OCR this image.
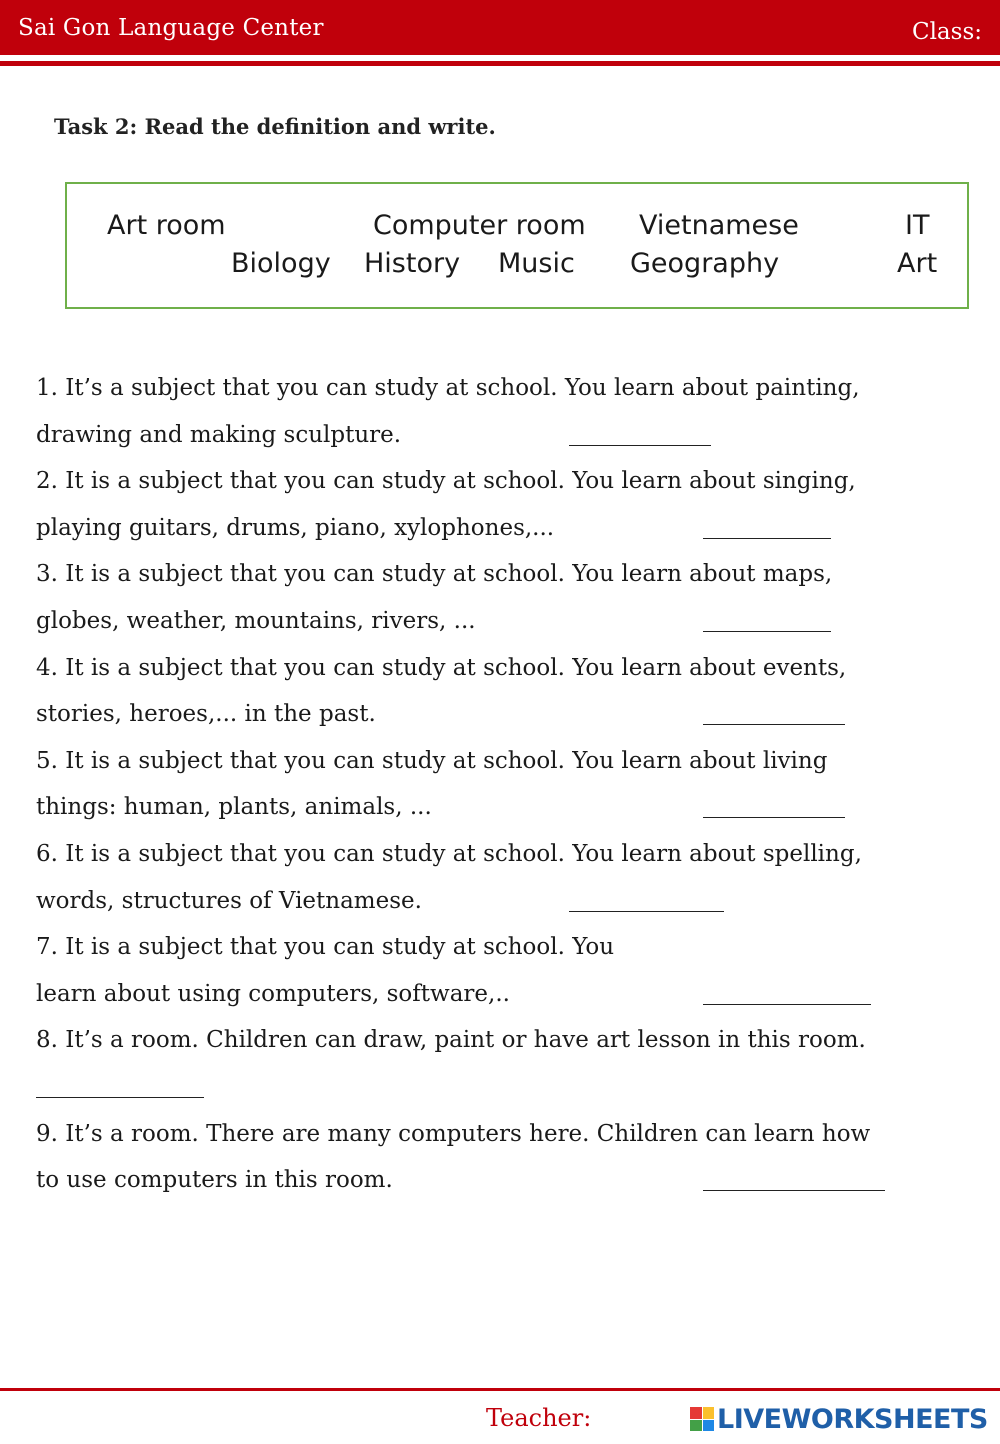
Sai Gon Language Center	Class:
Task 2: Read the definition and write.
Art room	Computer room Vietnamese	IT
Biology History Music Geography	Art
1. It’s a subject that you can study at school. You learn about painting,
drawing and making sculpture.
2. It is a subject that you can study at school. You learn about singing,
playing guitars, drums, piano, xylophones,...
3. It is a subject that you can study at school. You learn about maps,
globes, weather, mountains, rivers, ...
4. It is a subject that you can study at school. You learn about events,
stories, heroes,... in the past.
5. It is a subject that you can study at school. You learn about living
things: human, plants, animals, ...
6. It is a subject that you can study at school. You learn about spelling,
words, structures of Vietnamese.
7. It is a subject that you can study at school. You
learn about using computers, software,..
8. It’s a room. Children can draw, paint or have art lesson in this room.
9. It’s a room. There are many computers here. Children can learn how
to use computers in this room.
Teacher:	LIVEWORKSHEETS
